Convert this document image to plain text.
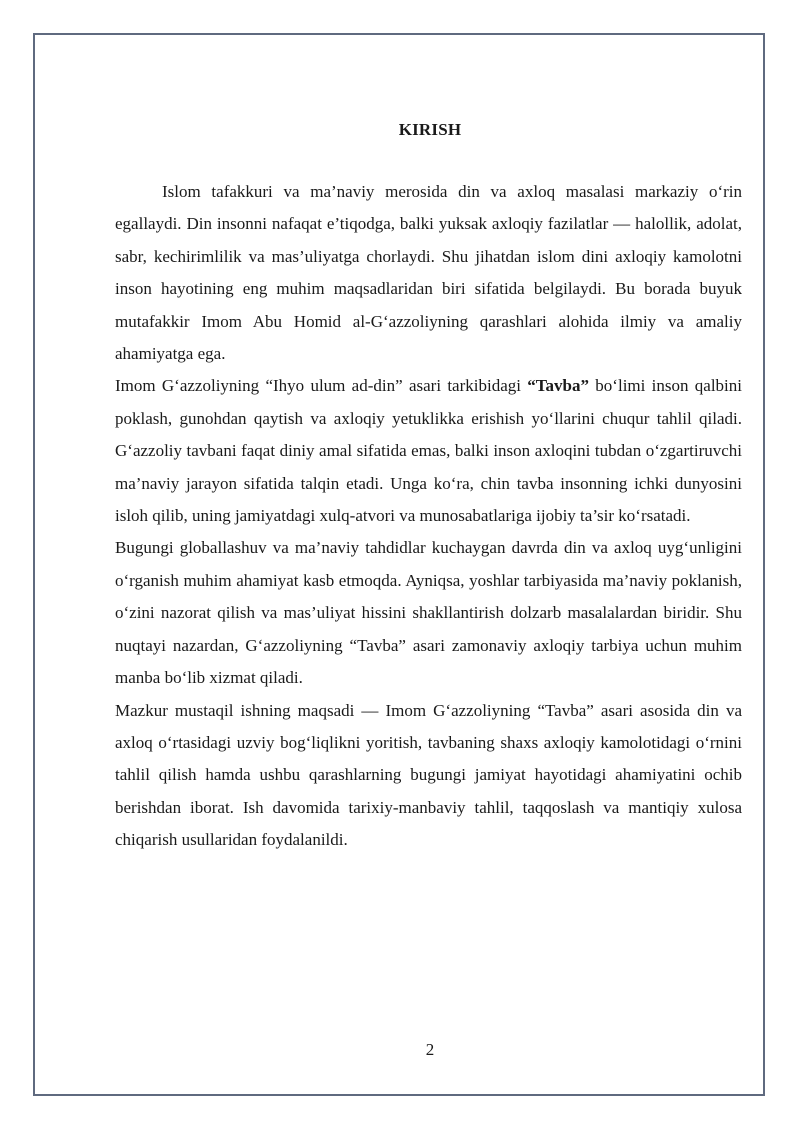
KIRISH

Islom tafakkuri va ma’naviy merosida din va axloq masalasi markaziy o‘rin egallaydi. Din insonni nafaqat e’tiqodga, balki yuksak axloqiy fazilatlar — halollik, adolat, sabr, kechirimlilik va mas’uliyatga chorlaydi. Shu jihatdan islom dini axloqiy kamolotni inson hayotining eng muhim maqsadlaridan biri sifatida belgilaydi. Bu borada buyuk mutafakkir Imom Abu Homid al-G‘azzoliyning qarashlari alohida ilmiy va amaliy ahamiyatga ega.

Imom G‘azzoliyning “Ihyo ulum ad-din” asari tarkibidagi “Tavba” bo‘limi inson qalbini poklash, gunohdan qaytish va axloqiy yetuklikka erishish yo‘llarini chuqur tahlil qiladi. G‘azzoliy tavbani faqat diniy amal sifatida emas, balki inson axloqini tubdan o‘zgartiruvchi ma’naviy jarayon sifatida talqin etadi. Unga ko‘ra, chin tavba insonning ichki dunyosini isloh qilib, uning jamiyatdagi xulq-atvori va munosabatlariga ijobiy ta’sir ko‘rsatadi.

Bugungi globallashuv va ma’naviy tahdidlar kuchaygan davrda din va axloq uyg‘unligini o‘rganish muhim ahamiyat kasb etmoqda. Ayniqsa, yoshlar tarbiyasida ma’naviy poklanish, o‘zini nazorat qilish va mas’uliyat hissini shakllantirish dolzarb masalalardan biridir. Shu nuqtayi nazardan, G‘azzoliyning “Tavba” asari zamonaviy axloqiy tarbiya uchun muhim manba bo‘lib xizmat qiladi.

Mazkur mustaqil ishning maqsadi — Imom G‘azzoliyning “Tavba” asari asosida din va axloq o‘rtasidagi uzviy bog‘liqlikni yoritish, tavbaning shaxs axloqiy kamolotidagi o‘rnini tahlil qilish hamda ushbu qarashlarning bugungi jamiyat hayotidagi ahamiyatini ochib berishdan iborat. Ish davomida tarixiy-manbaviy tahlil, taqqoslash va mantiqiy xulosa chiqarish usullaridan foydalanildi.

2
